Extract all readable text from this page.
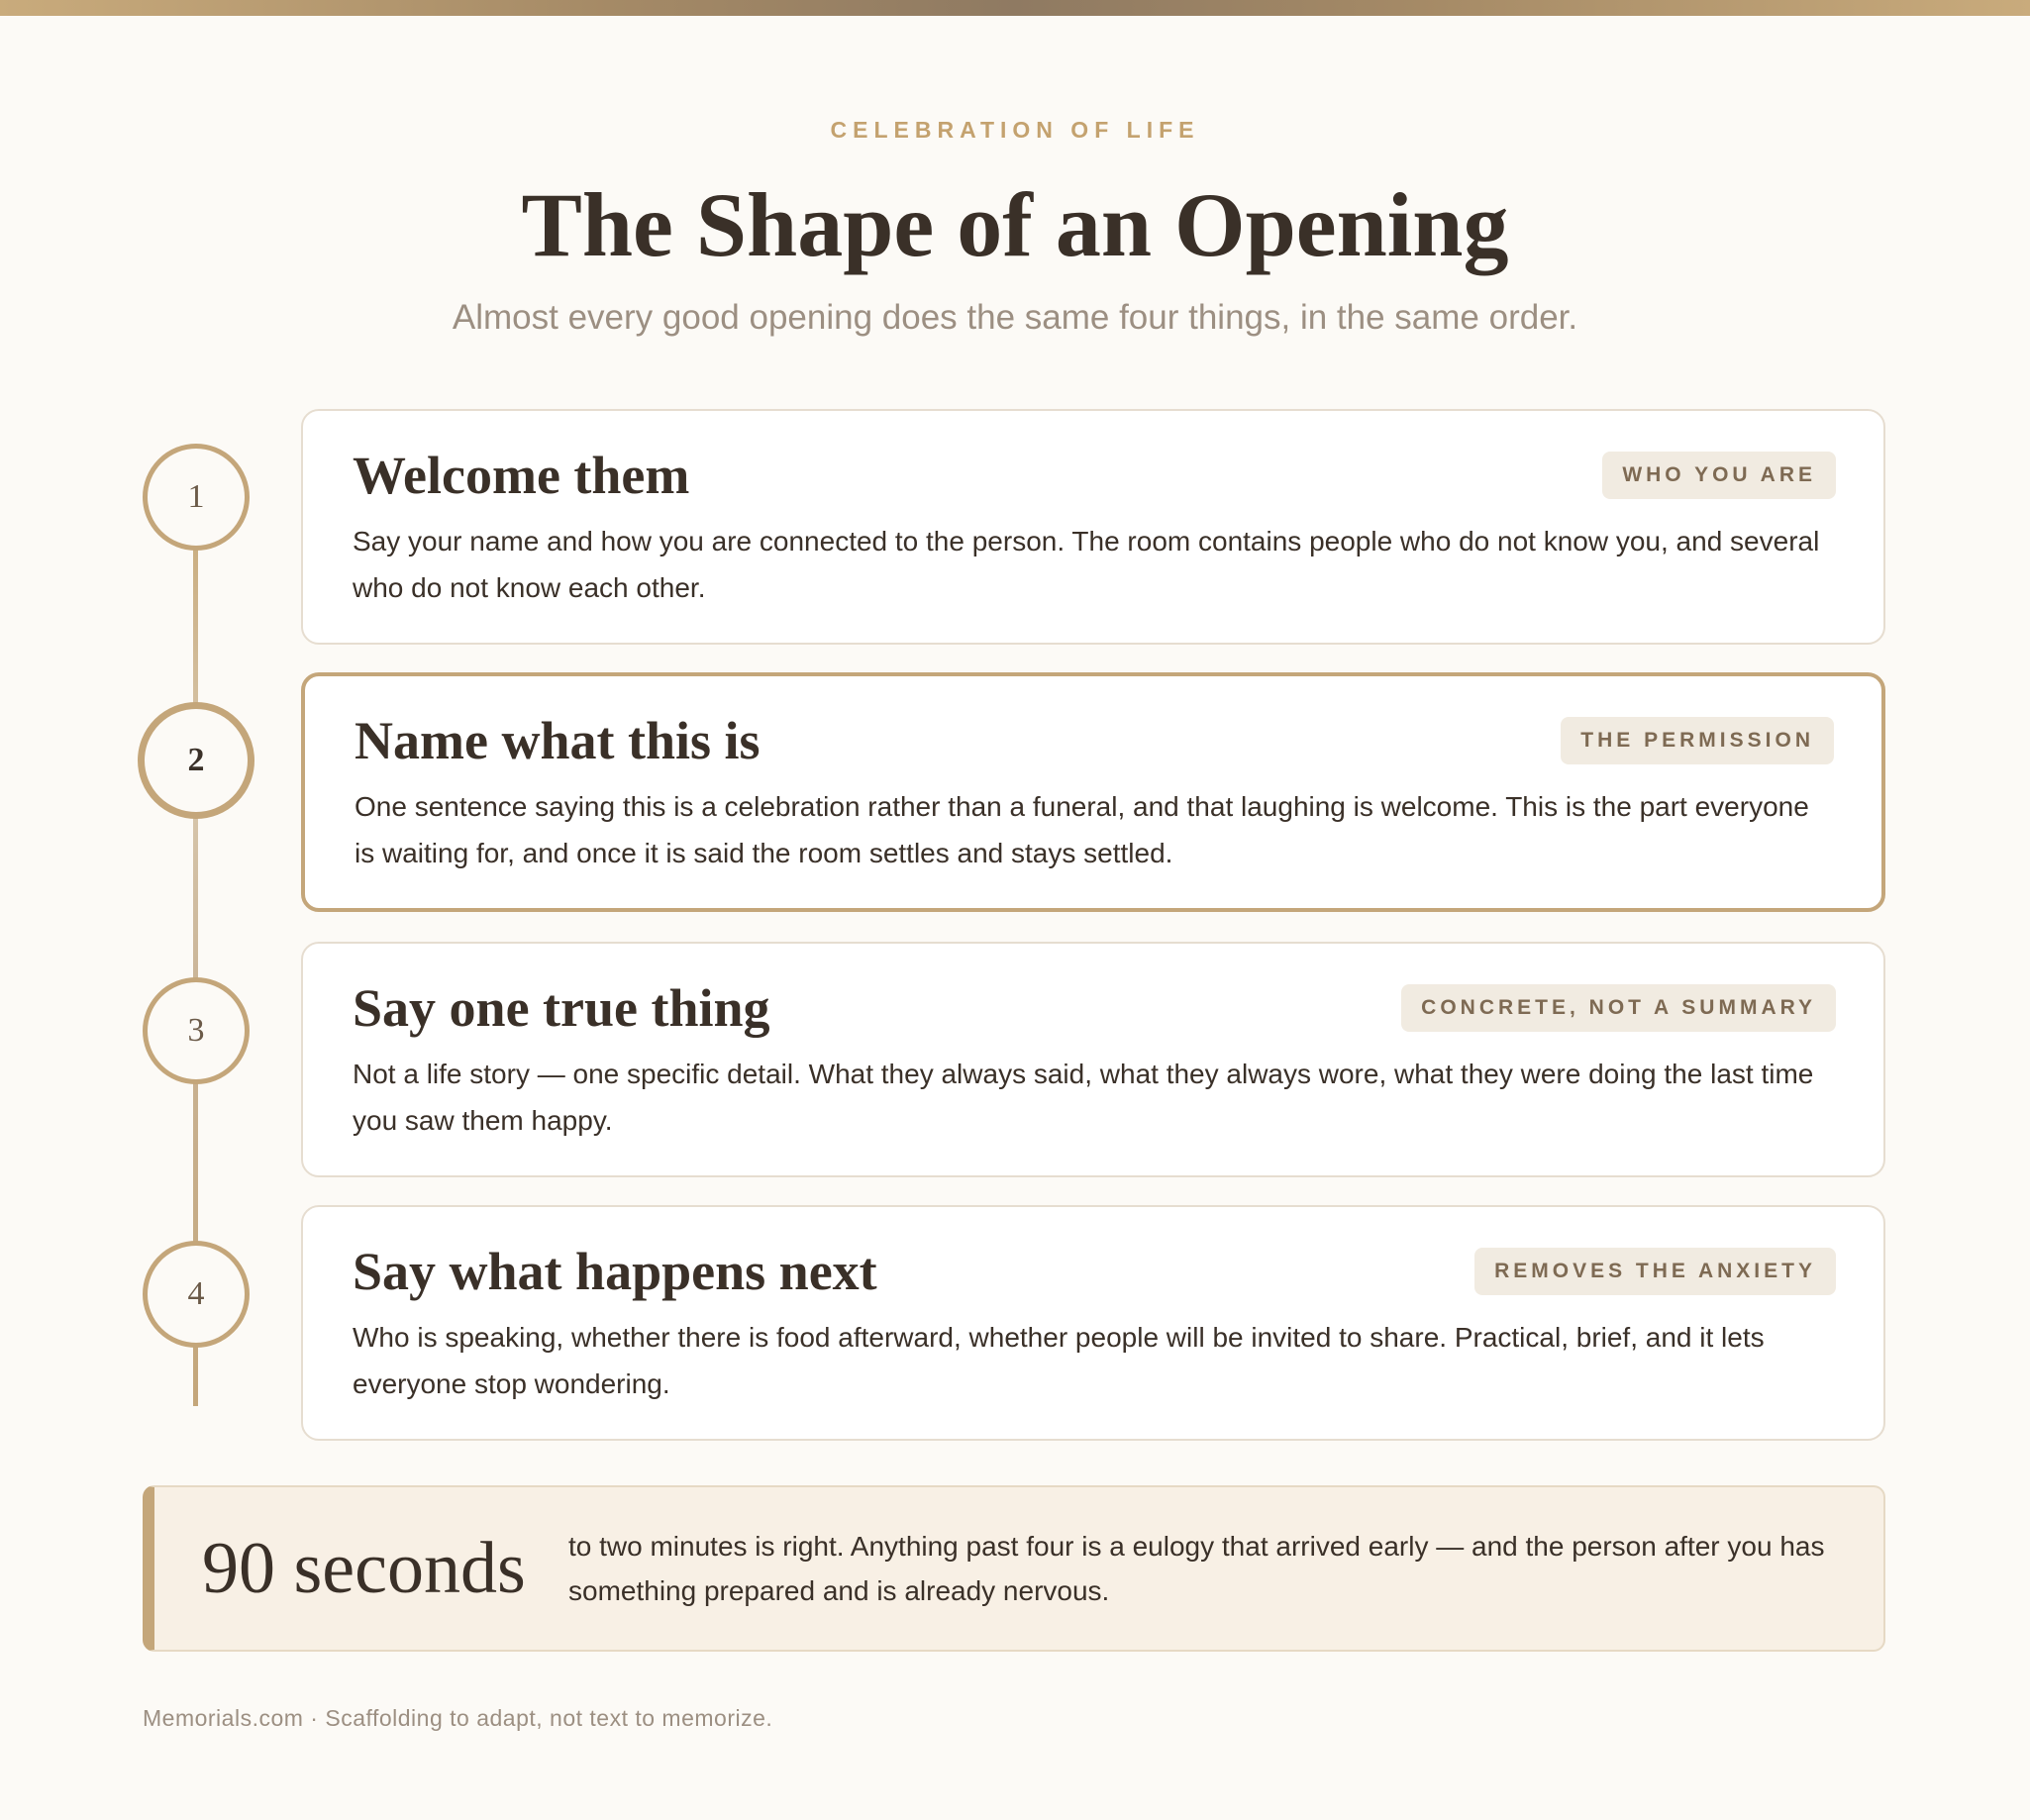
CELEBRATION OF LIFE
The Shape of an Opening
Almost every good opening does the same four things, in the same order.
1
2
3
4
Welcome them	WHO YOU ARE

Say your name and how you are connected to the person. The room contains people who do not know you, and several who do not know each other.

Name what this is	THE PERMISSION

One sentence saying this is a celebration rather than a funeral, and that laughing is welcome. This is the part everyone is waiting for, and once it is said the room settles and stays settled.

Say one true thing	CONCRETE, NOT A SUMMARY

Not a life story — one specific detail. What they always said, what they always wore, what they were doing the last time you saw them happy.

Say what happens next	REMOVES THE ANXIETY

Who is speaking, whether there is food afterward, whether people will be invited to share. Practical, brief, and it lets everyone stop wondering.

90 seconds	to two minutes is right. Anything past four is a eulogy that arrived early — and the person after you has something prepared and is already nervous.

Memorials.com · Scaffolding to adapt, not text to memorize.
